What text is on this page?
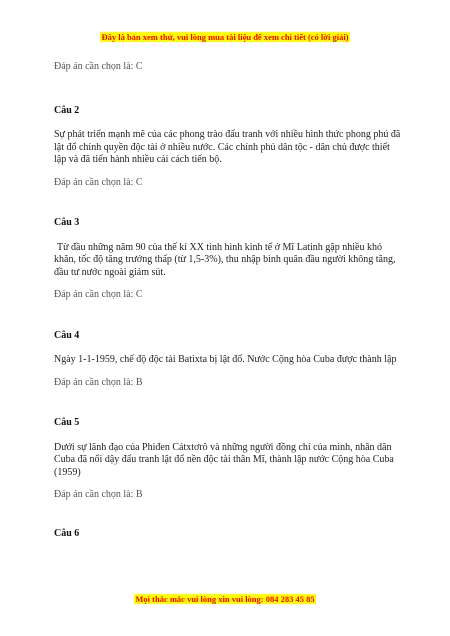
Đây là bản xem thử, vui lòng mua tài liệu để xem chi tiết (có lời giải)

Đáp án cần chọn là: C

Câu 2

Sự phát triển mạnh mẽ của các phong trào đấu tranh với nhiều hình thức phong phú đã lật đổ chính quyền độc tài ở nhiều nước. Các chính phủ dân tộc - dân chủ được thiết lập và đã tiến hành nhiều cải cách tiến bộ.

Đáp án cần chọn là: C

Câu 3

Từ đầu những năm 90 của thế kỉ XX tình hình kinh tế ở Mĩ Latinh gặp nhiều khó khăn, tốc độ tăng trưởng thấp (từ 1,5-3%), thu nhập bình quân đầu người không tăng, đầu tư nước ngoài giảm sút.

Đáp án cần chọn là: C

Câu 4

Ngày 1-1-1959, chế độ độc tài Batixta bị lật đổ. Nước Cộng hòa Cuba được thành lập

Đáp án cần chọn là: B

Câu 5

Dưới sự lãnh đạo của Phiđen Cátxtơrô và những người đồng chí của mình, nhân dân Cuba đã nổi dậy đấu tranh lật đổ nền độc tài thân Mĩ, thành lập nước Cộng hòa Cuba (1959)

Đáp án cần chọn là: B

Câu 6

Mọi thắc mắc vui lòng xin vui lòng: 084 283 45 85
